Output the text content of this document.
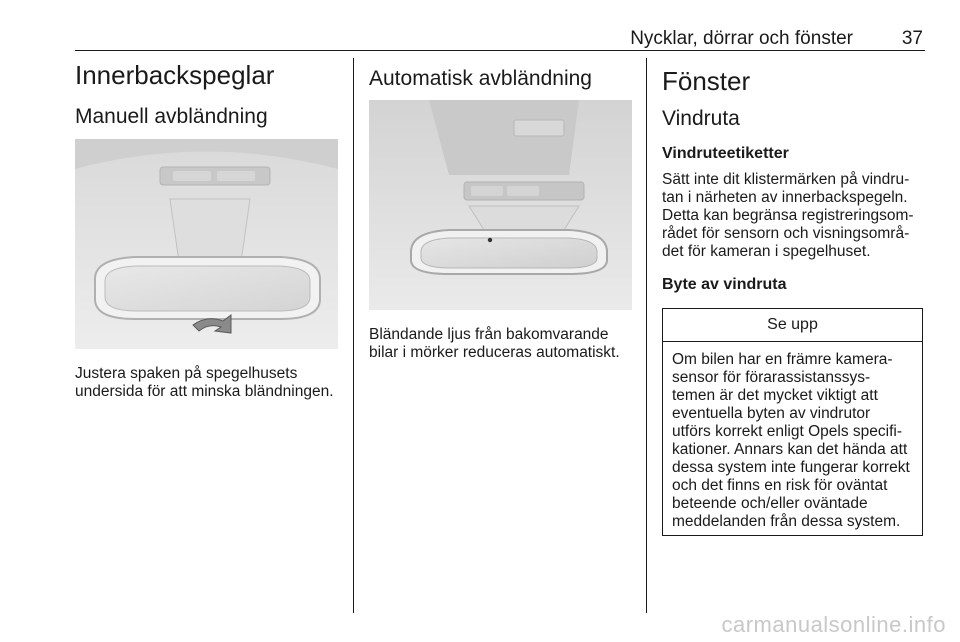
Nycklar, dörrar och fönster	37
Innerbackspeglar
Manuell avbländning
Justera spaken på spegelhusets
undersida för att minska bländningen.
Automatisk avbländning
Bländande ljus från bakomvarande
bilar i mörker reduceras automatiskt.
Fönster
Vindruta
Vindruteetiketter
Sätt inte dit klistermärken på vindru-
tan i närheten av innerbackspegeln.
Detta kan begränsa registreringsom-
rådet för sensorn och visningsområ-
det för kameran i spegelhuset.
Byte av vindruta
Se upp
Om bilen har en främre kamera-
sensor för förarassistanssys-
temen är det mycket viktigt att
eventuella byten av vindrutor
utförs korrekt enligt Opels specifi-
kationer. Annars kan det hända att
dessa system inte fungerar korrekt
och det finns en risk för oväntat
beteende och/eller oväntade
meddelanden från dessa system.
carmanualsonline.info
